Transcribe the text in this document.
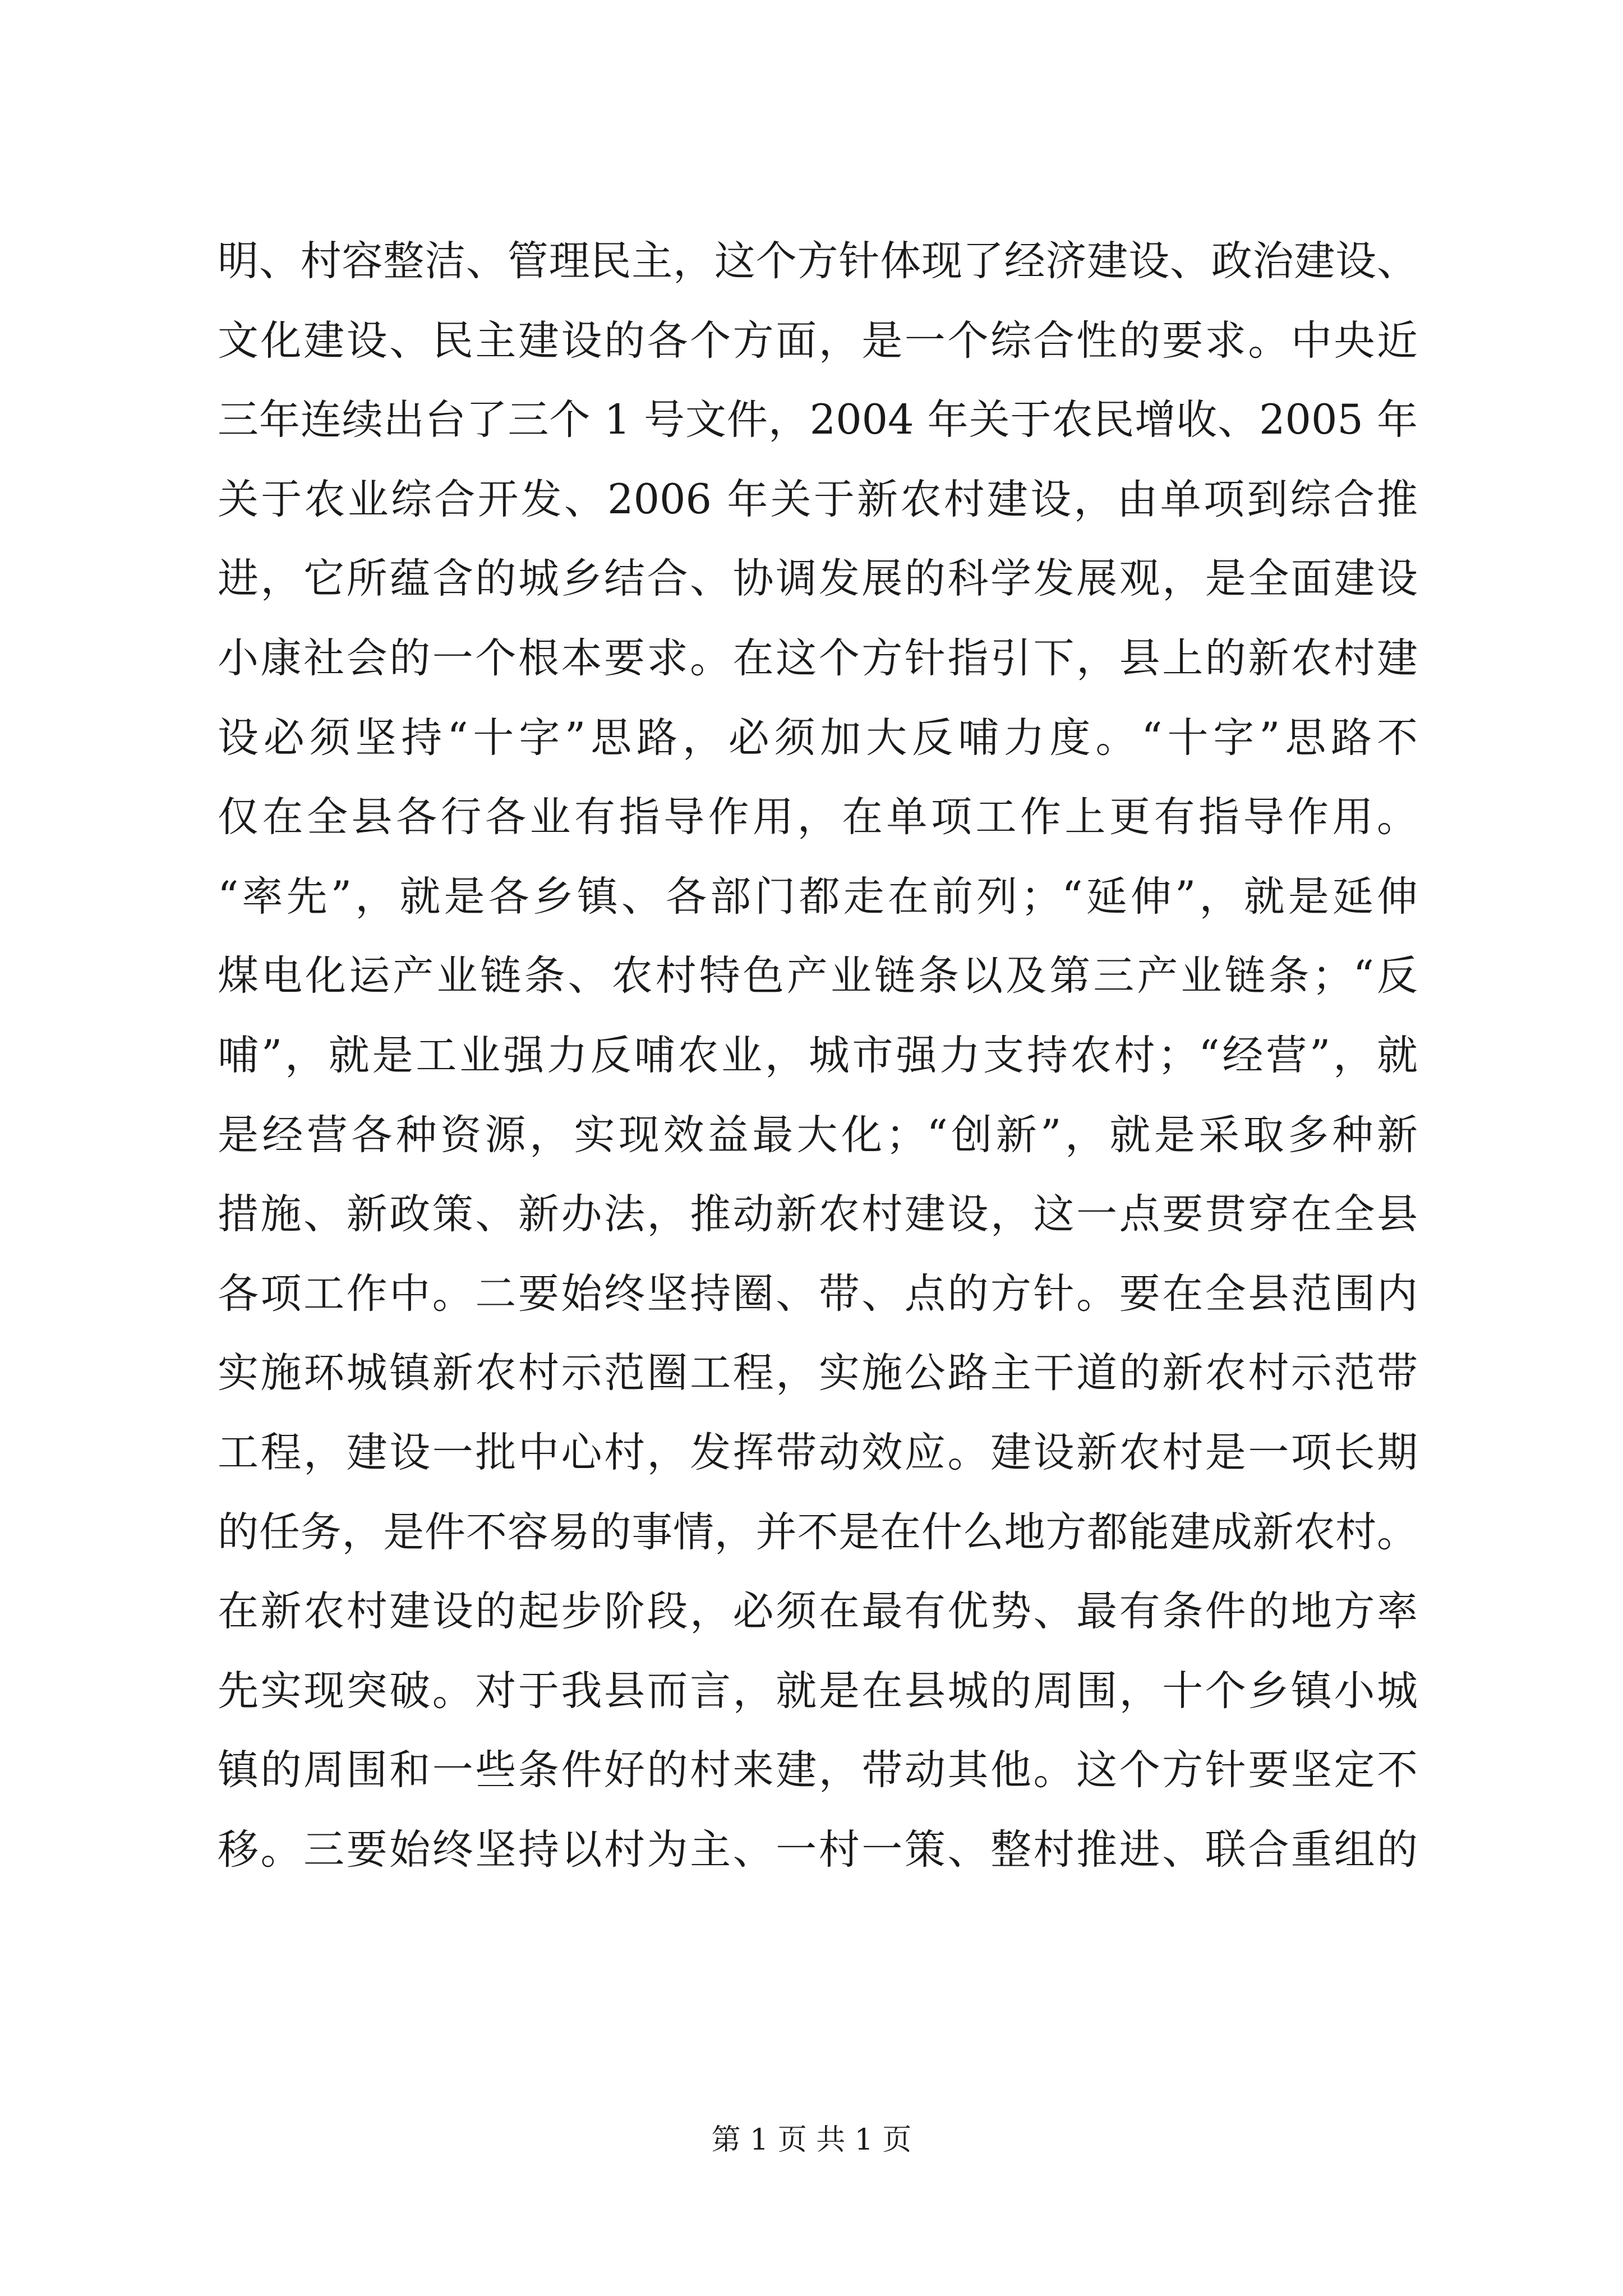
明、村容整洁、管理民主，这个方针体现了经济建设、政治建设、
文化建设、民主建设的各个方面，是一个综合性的要求。中央近
三年连续出台了三个 1 号文件，2004 年关于农民增收、2005 年
关于农业综合开发、2006 年关于新农村建设，由单项到综合推
进，它所蕴含的城乡结合、协调发展的科学发展观，是全面建设
小康社会的一个根本要求。在这个方针指引下，县上的新农村建
设必须坚持“十字”思路，必须加大反哺力度。“十字”思路不
仅在全县各行各业有指导作用，在单项工作上更有指导作用。
“率先”，就是各乡镇、各部门都走在前列；“延伸”，就是延伸
煤电化运产业链条、农村特色产业链条以及第三产业链条；“反
哺”，就是工业强力反哺农业，城市强力支持农村；“经营”，就
是经营各种资源，实现效益最大化；“创新”，就是采取多种新
措施、新政策、新办法，推动新农村建设，这一点要贯穿在全县
各项工作中。二要始终坚持圈、带、点的方针。要在全县范围内
实施环城镇新农村示范圈工程，实施公路主干道的新农村示范带
工程，建设一批中心村，发挥带动效应。建设新农村是一项长期
的任务，是件不容易的事情，并不是在什么地方都能建成新农村。
在新农村建设的起步阶段，必须在最有优势、最有条件的地方率
先实现突破。对于我县而言，就是在县城的周围，十个乡镇小城
镇的周围和一些条件好的村来建，带动其他。这个方针要坚定不
移。三要始终坚持以村为主、一村一策、整村推进、联合重组的
第 1 页 共 1 页
